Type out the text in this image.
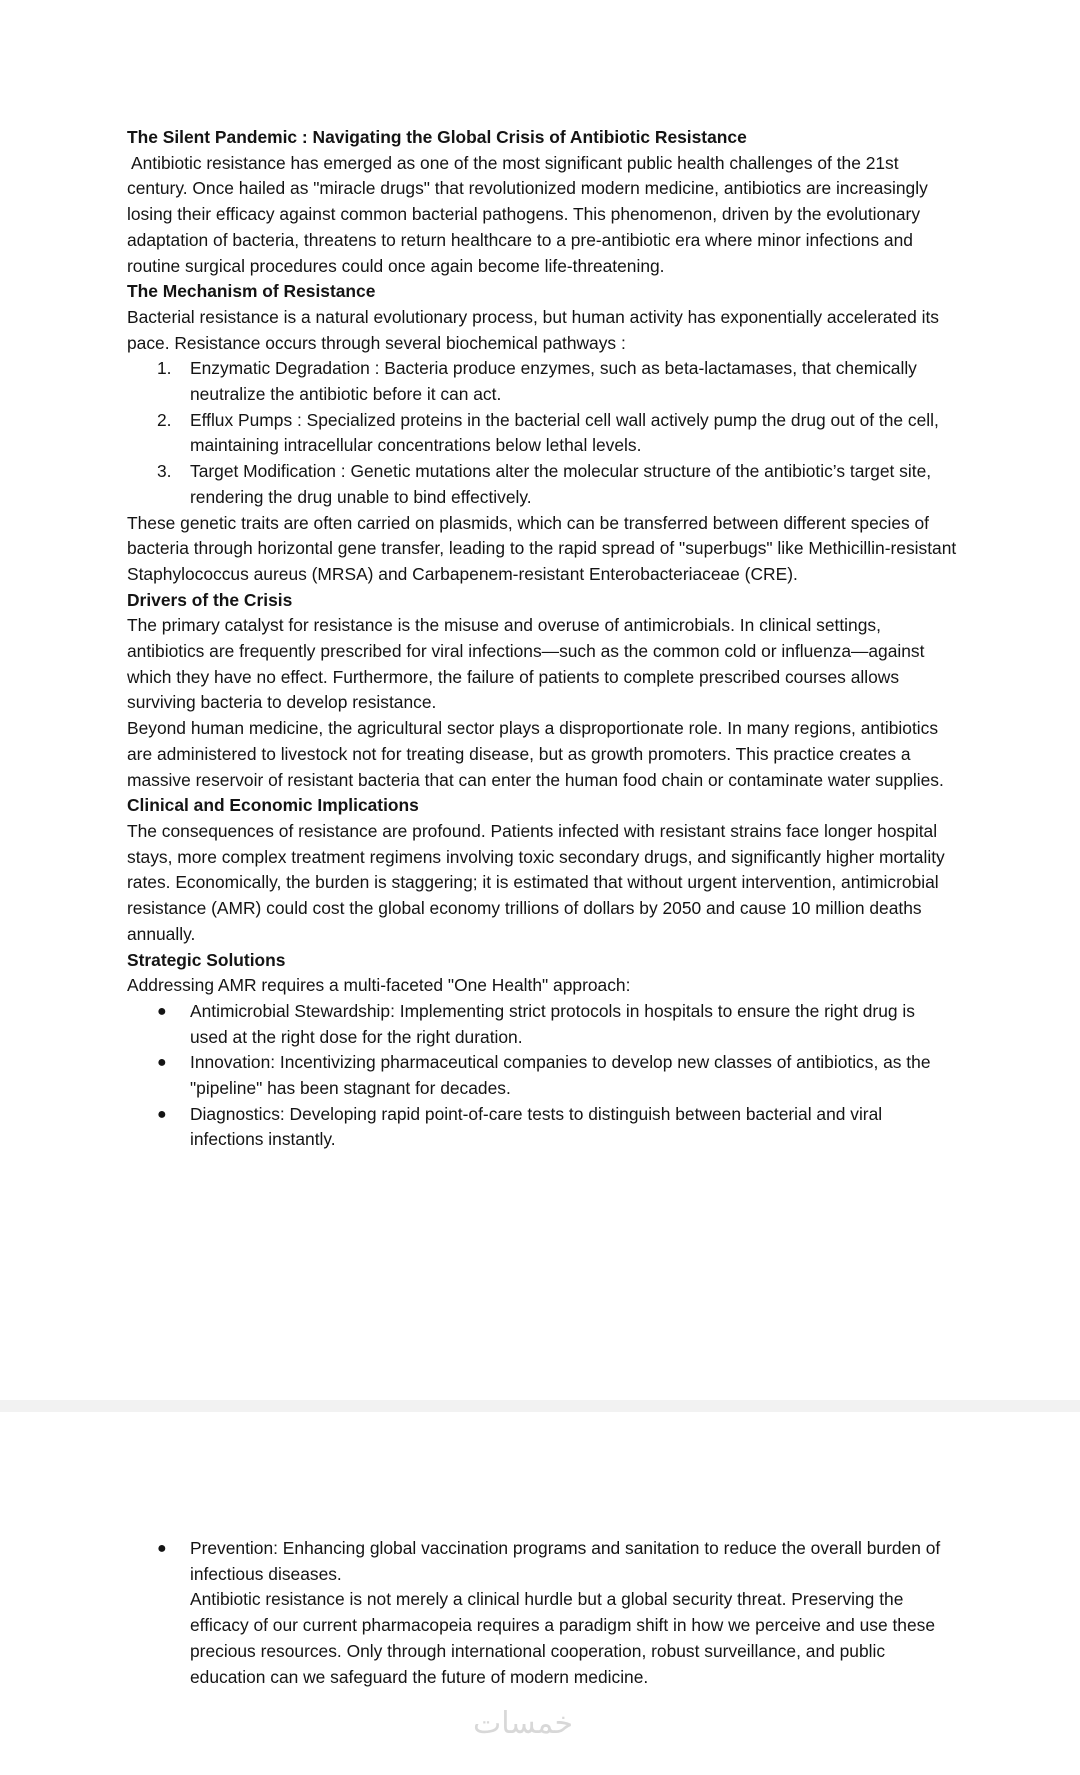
The Silent Pandemic : Navigating the Global Crisis of Antibiotic Resistance

Antibiotic resistance has emerged as one of the most significant public health challenges of the 21st century. Once hailed as "miracle drugs" that revolutionized modern medicine, antibiotics are increasingly losing their efficacy against common bacterial pathogens. This phenomenon, driven by the evolutionary adaptation of bacteria, threatens to return healthcare to a pre-antibiotic era where minor infections and routine surgical procedures could once again become life-threatening.

The Mechanism of Resistance

Bacterial resistance is a natural evolutionary process, but human activity has exponentially accelerated its pace. Resistance occurs through several biochemical pathways :

1.	Enzymatic Degradation : Bacteria produce enzymes, such as beta-lactamases, that chemically neutralize the antibiotic before it can act.
2.	Efflux Pumps : Specialized proteins in the bacterial cell wall actively pump the drug out of the cell, maintaining intracellular concentrations below lethal levels.
3.	Target Modification : Genetic mutations alter the molecular structure of the antibiotic’s target site, rendering the drug unable to bind effectively.

These genetic traits are often carried on plasmids, which can be transferred between different species of bacteria through horizontal gene transfer, leading to the rapid spread of "superbugs" like Methicillin-resistant Staphylococcus aureus (MRSA) and Carbapenem-resistant Enterobacteriaceae (CRE).

Drivers of the Crisis

The primary catalyst for resistance is the misuse and overuse of antimicrobials. In clinical settings, antibiotics are frequently prescribed for viral infections—such as the common cold or influenza—against which they have no effect. Furthermore, the failure of patients to complete prescribed courses allows surviving bacteria to develop resistance.

Beyond human medicine, the agricultural sector plays a disproportionate role. In many regions, antibiotics are administered to livestock not for treating disease, but as growth promoters. This practice creates a massive reservoir of resistant bacteria that can enter the human food chain or contaminate water supplies.

Clinical and Economic Implications

The consequences of resistance are profound. Patients infected with resistant strains face longer hospital stays, more complex treatment regimens involving toxic secondary drugs, and significantly higher mortality rates. Economically, the burden is staggering; it is estimated that without urgent intervention, antimicrobial resistance (AMR) could cost the global economy trillions of dollars by 2050 and cause 10 million deaths annually.

Strategic Solutions

Addressing AMR requires a multi-faceted "One Health" approach:

●	Antimicrobial Stewardship: Implementing strict protocols in hospitals to ensure the right drug is used at the right dose for the right duration.
●	Innovation: Incentivizing pharmaceutical companies to develop new classes of antibiotics, as the "pipeline" has been stagnant for decades.
●	Diagnostics: Developing rapid point-of-care tests to distinguish between bacterial and viral infections instantly.
●	Prevention: Enhancing global vaccination programs and sanitation to reduce the overall burden of infectious diseases.

Antibiotic resistance is not merely a clinical hurdle but a global security threat. Preserving the efficacy of our current pharmacopeia requires a paradigm shift in how we perceive and use these precious resources. Only through international cooperation, robust surveillance, and public education can we safeguard the future of modern medicine.

خمسات
